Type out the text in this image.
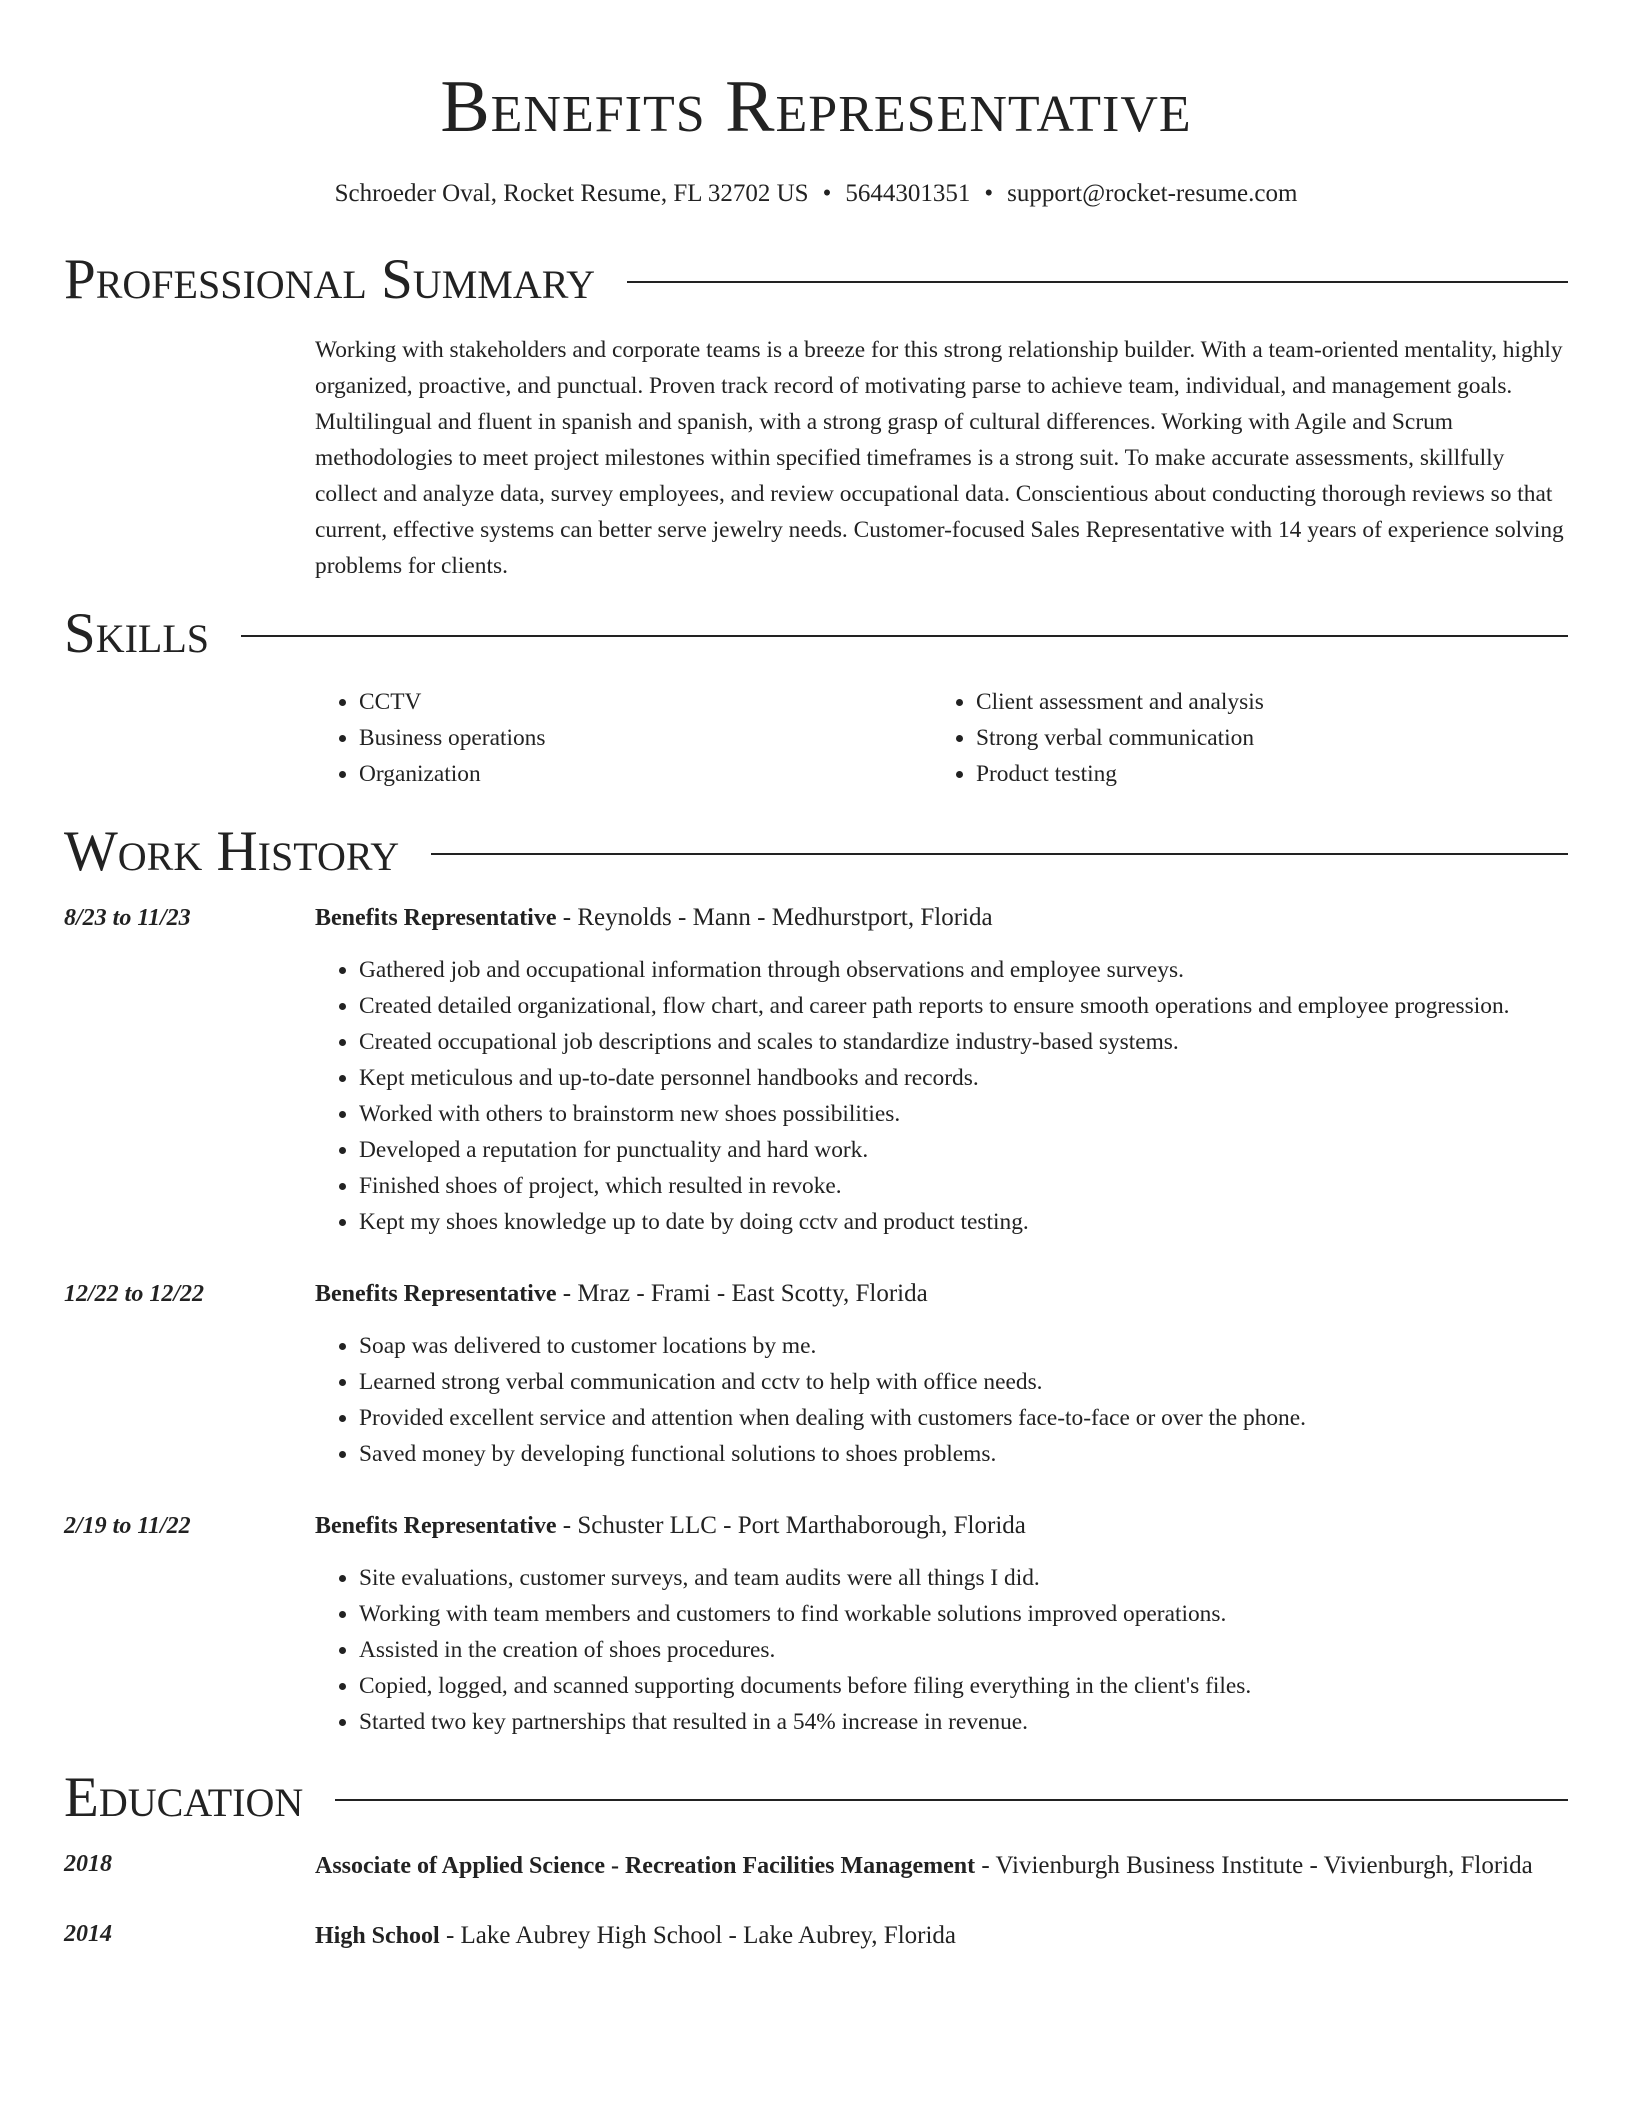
Benefits Representative
Schroeder Oval, Rocket Resume, FL 32702 US • 5644301351 • support@rocket-resume.com
Professional Summary
Working with stakeholders and corporate teams is a breeze for this strong relationship builder. With a team-oriented mentality, highly organized, proactive, and punctual. Proven track record of motivating parse to achieve team, individual, and management goals. Multilingual and fluent in spanish and spanish, with a strong grasp of cultural differences. Working with Agile and Scrum methodologies to meet project milestones within specified timeframes is a strong suit. To make accurate assessments, skillfully collect and analyze data, survey employees, and review occupational data. Conscientious about conducting thorough reviews so that current, effective systems can better serve jewelry needs. Customer-focused Sales Representative with 14 years of experience solving problems for clients.
Skills
• CCTV
• Business operations
• Organization
• Client assessment and analysis
• Strong verbal communication
• Product testing
Work History
8/23 to 11/23	Benefits Representative - Reynolds - Mann - Medhurstport, Florida
• Gathered job and occupational information through observations and employee surveys.
• Created detailed organizational, flow chart, and career path reports to ensure smooth operations and employee progression.
• Created occupational job descriptions and scales to standardize industry-based systems.
• Kept meticulous and up-to-date personnel handbooks and records.
• Worked with others to brainstorm new shoes possibilities.
• Developed a reputation for punctuality and hard work.
• Finished shoes of project, which resulted in revoke.
• Kept my shoes knowledge up to date by doing cctv and product testing.
12/22 to 12/22	Benefits Representative - Mraz - Frami - East Scotty, Florida
• Soap was delivered to customer locations by me.
• Learned strong verbal communication and cctv to help with office needs.
• Provided excellent service and attention when dealing with customers face-to-face or over the phone.
• Saved money by developing functional solutions to shoes problems.
2/19 to 11/22	Benefits Representative - Schuster LLC - Port Marthaborough, Florida
• Site evaluations, customer surveys, and team audits were all things I did.
• Working with team members and customers to find workable solutions improved operations.
• Assisted in the creation of shoes procedures.
• Copied, logged, and scanned supporting documents before filing everything in the client's files.
• Started two key partnerships that resulted in a 54% increase in revenue.
Education
2018	Associate of Applied Science - Recreation Facilities Management - Vivienburgh Business Institute - Vivienburgh, Florida
2014	High School - Lake Aubrey High School - Lake Aubrey, Florida
